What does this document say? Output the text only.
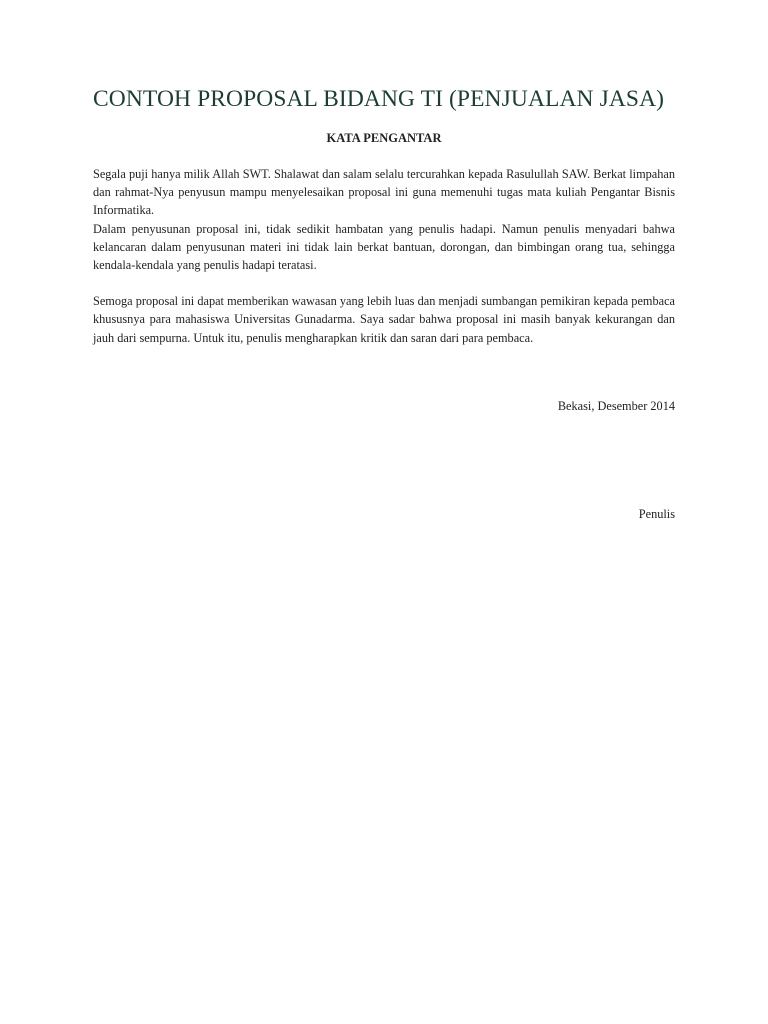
CONTOH PROPOSAL BIDANG TI (PENJUALAN JASA)
KATA PENGANTAR

Segala puji hanya milik Allah SWT. Shalawat dan salam selalu tercurahkan kepada Rasulullah SAW. Berkat limpahan dan rahmat-Nya penyusun mampu menyelesaikan proposal ini guna memenuhi tugas mata kuliah Pengantar Bisnis Informatika.

Dalam penyusunan proposal ini, tidak sedikit hambatan yang penulis hadapi. Namun penulis menyadari bahwa kelancaran dalam penyusunan materi ini tidak lain berkat bantuan, dorongan, dan bimbingan orang tua, sehingga kendala-kendala yang penulis hadapi teratasi.

Semoga proposal ini dapat memberikan wawasan yang lebih luas dan menjadi sumbangan pemikiran kepada pembaca khususnya para mahasiswa Universitas Gunadarma. Saya sadar bahwa proposal ini masih banyak kekurangan dan jauh dari sempurna. Untuk itu, penulis mengharapkan kritik dan saran dari para pembaca.

Bekasi, Desember 2014
Penulis
